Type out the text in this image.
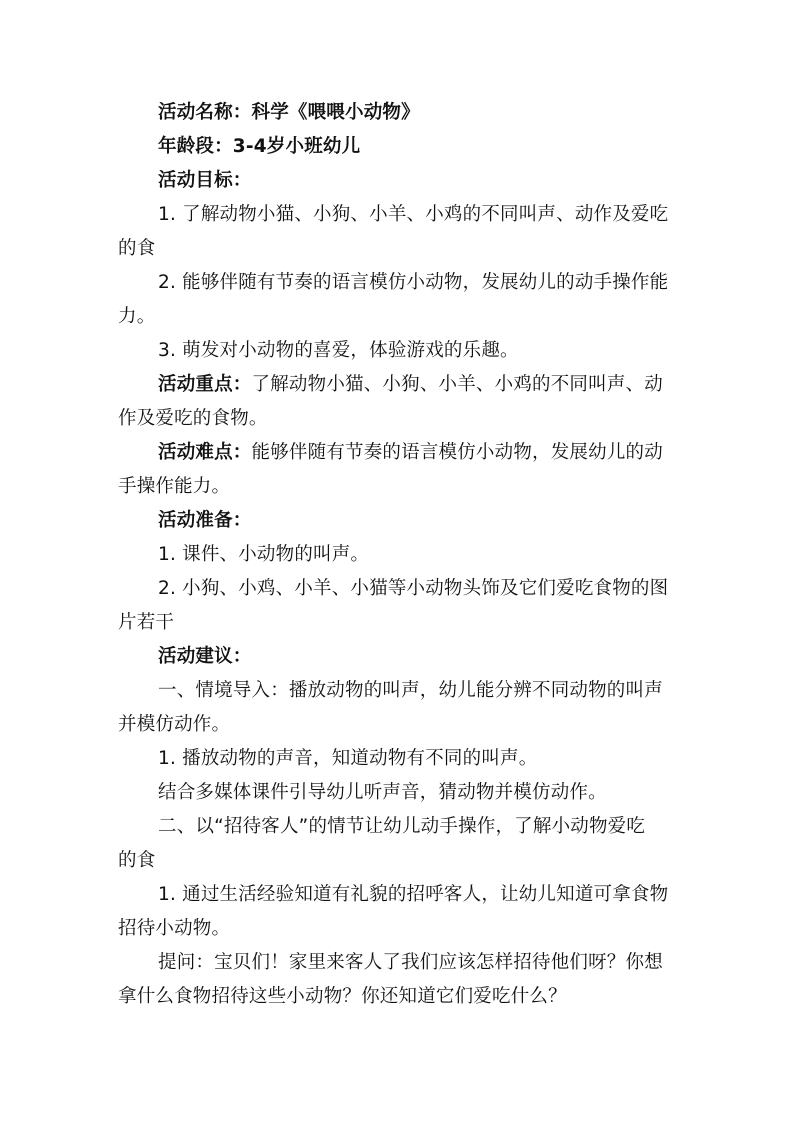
活动名称：科学《喂喂小动物》
年龄段：3-4岁小班幼儿
活动目标：
1. 了解动物小猫、小狗、小羊、小鸡的不同叫声、动作及爱吃
的食
2. 能够伴随有节奏的语言模仿小动物，发展幼儿的动手操作能
力。
3. 萌发对小动物的喜爱，体验游戏的乐趣。
活动重点：了解动物小猫、小狗、小羊、小鸡的不同叫声、动
作及爱吃的食物。
活动难点：能够伴随有节奏的语言模仿小动物，发展幼儿的动
手操作能力。
活动准备：
1. 课件、小动物的叫声。
2. 小狗、小鸡、小羊、小猫等小动物头饰及它们爱吃食物的图
片若干
活动建议：
一、情境导入：播放动物的叫声，幼儿能分辨不同动物的叫声
并模仿动作。
1. 播放动物的声音，知道动物有不同的叫声。
结合多媒体课件引导幼儿听声音，猜动物并模仿动作。
二、以“招待客人”的情节让幼儿动手操作，了解小动物爱吃
的食
1. 通过生活经验知道有礼貌的招呼客人，让幼儿知道可拿食物
招待小动物。
提问：宝贝们！家里来客人了我们应该怎样招待他们呀？你想
拿什么食物招待这些小动物？你还知道它们爱吃什么？
